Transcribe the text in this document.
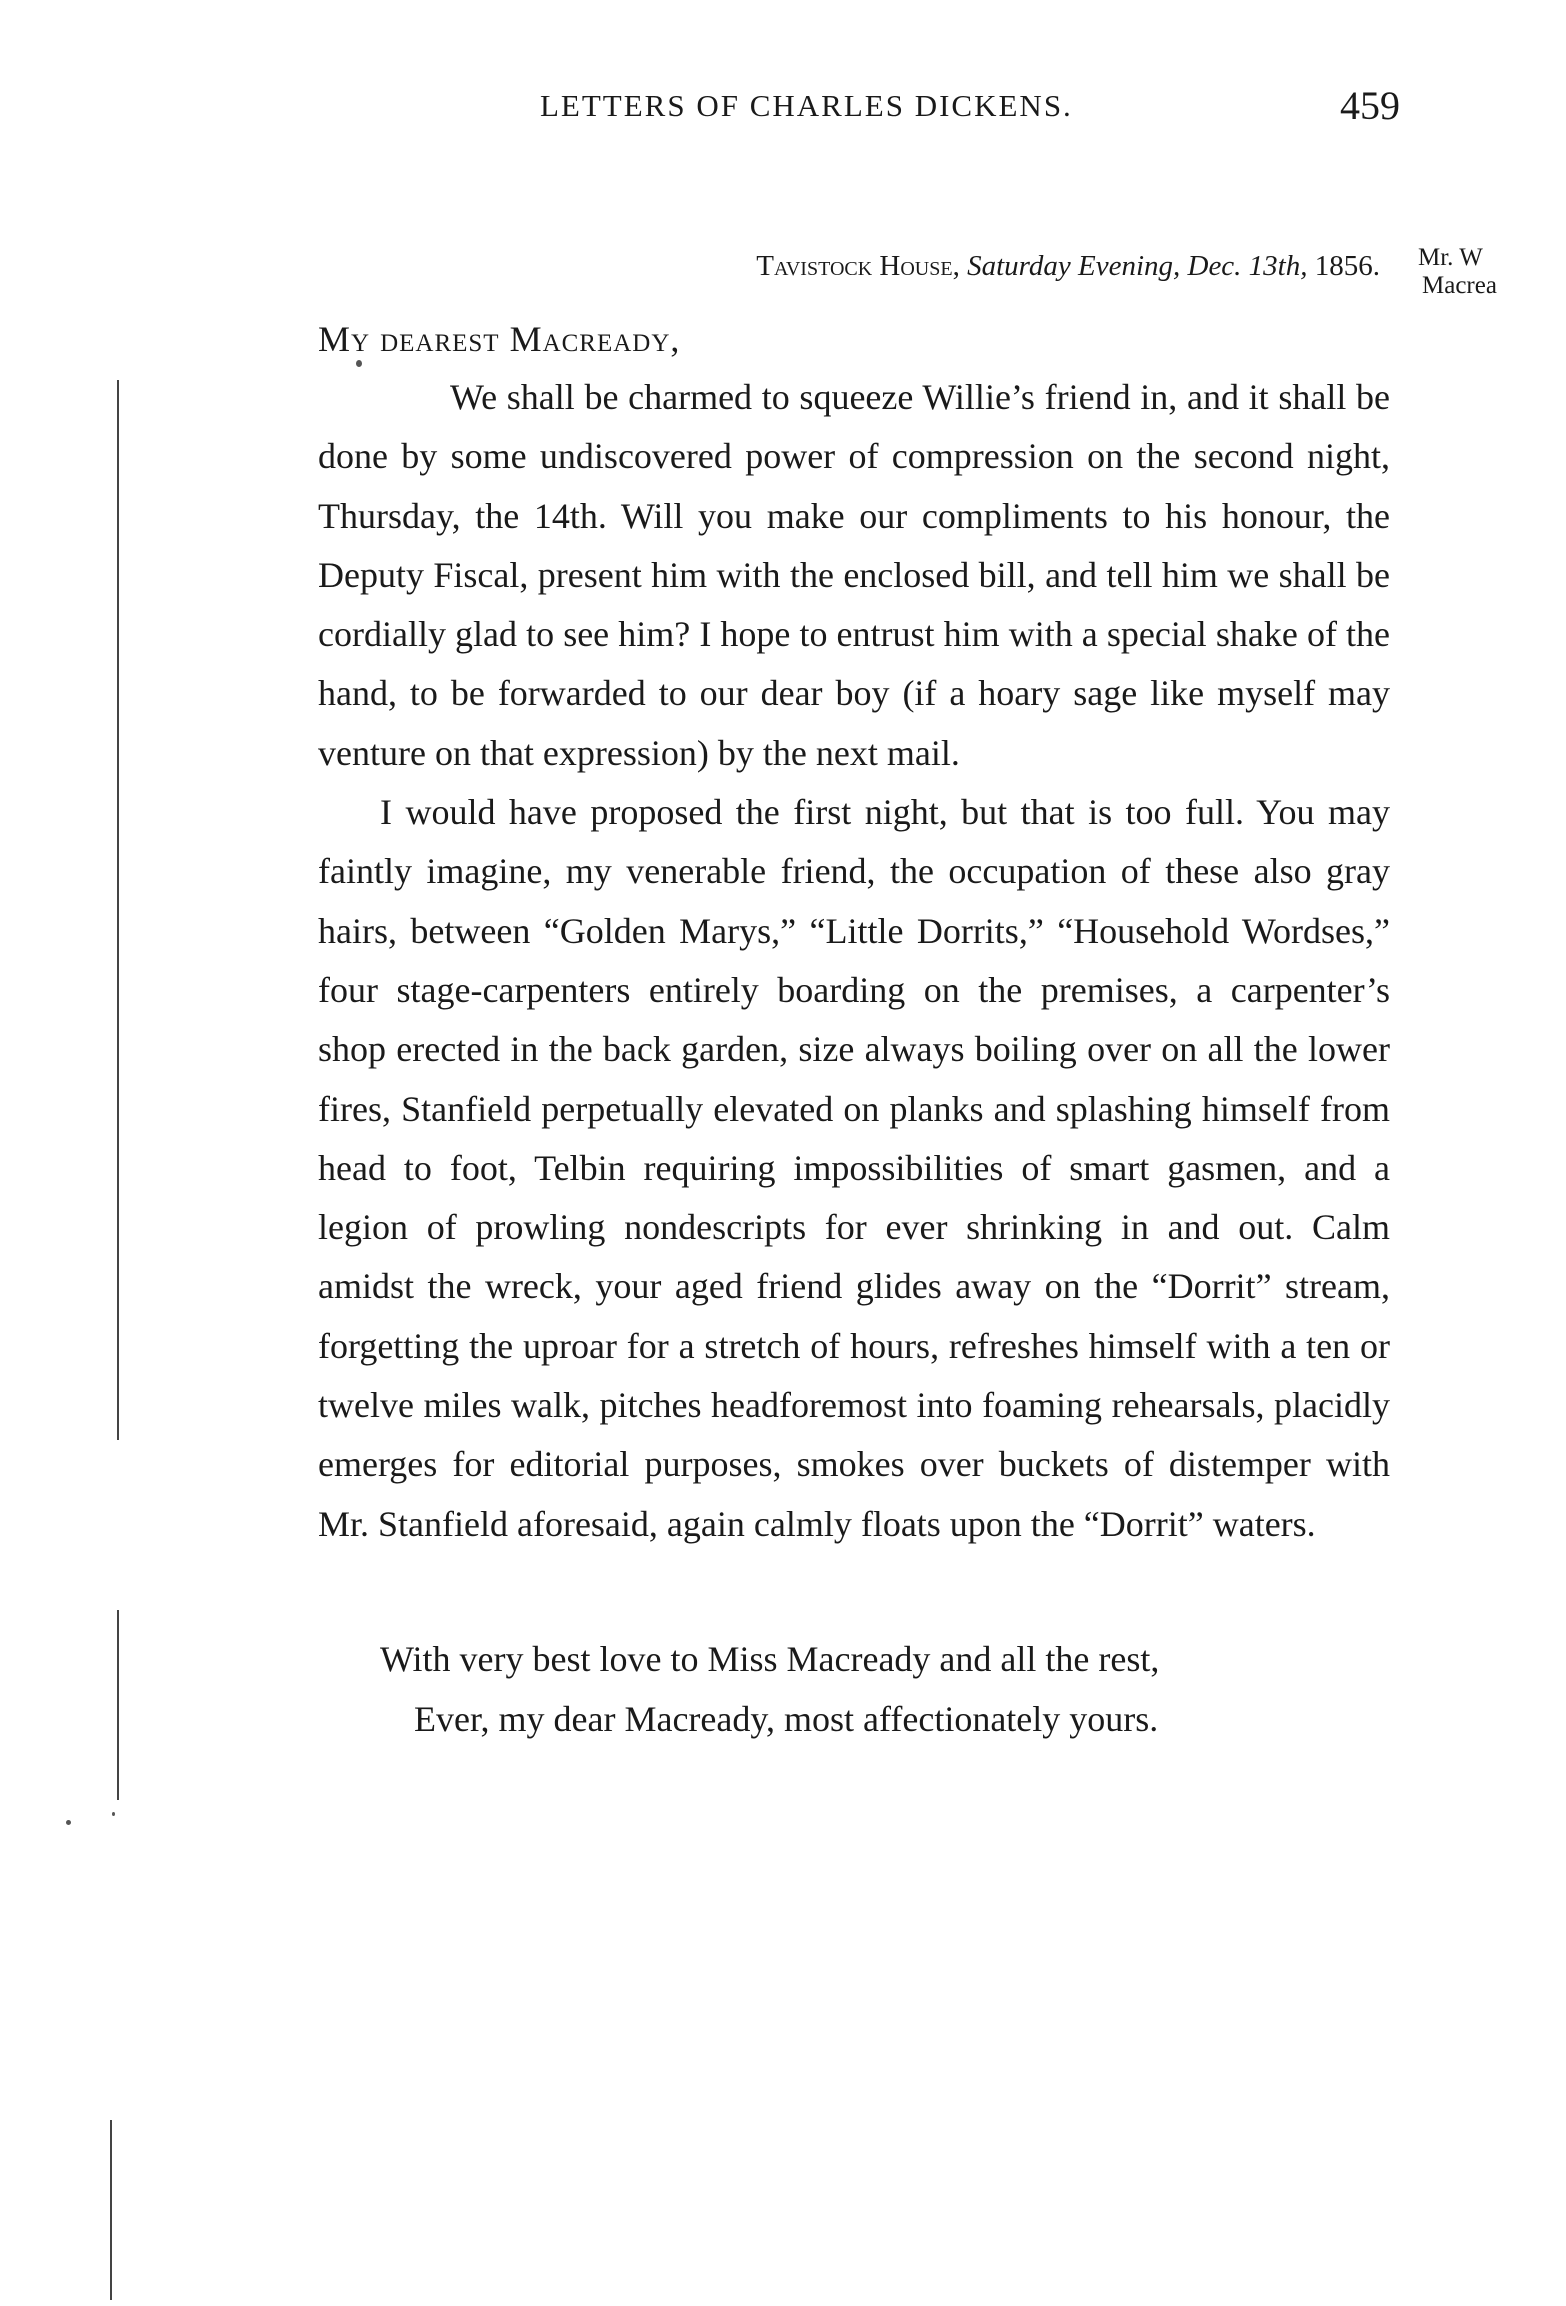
LETTERS OF CHARLES DICKENS.	459
Tavistock House, Saturday Evening, Dec. 13th, 1856. Mr. W
Macrea
My dearest Macready,

We shall be charmed to squeeze Willie’s friend in, and it shall be done by some undiscovered power of compression on the second night, Thursday, the 14th. Will you make our compliments to his honour, the Deputy Fiscal, present him with the enclosed bill, and tell him we shall be cordially glad to see him? I hope to entrust him with a special shake of the hand, to be forwarded to our dear boy (if a hoary sage like myself may venture on that expression) by the next mail.

I would have proposed the first night, but that is too full. You may faintly imagine, my venerable friend, the occupation of these also gray hairs, between “Golden Marys,” “Little Dorrits,” “Household Wordses,” four stage-carpenters entirely boarding on the premises, a carpenter’s shop erected in the back garden, size always boiling over on all the lower fires, Stanfield perpetually elevated on planks and splashing himself from head to foot, Telbin requiring impossibilities of smart gasmen, and a legion of prowling nondescripts for ever shrinking in and out. Calm amidst the wreck, your aged friend glides away on the “Dorrit” stream, forgetting the uproar for a stretch of hours, refreshes himself with a ten or twelve miles walk, pitches headforemost into foaming rehearsals, placidly emerges for editorial purposes, smokes over buckets of distemper with Mr. Stanfield aforesaid, again calmly floats upon the “Dorrit” waters.

With very best love to Miss Macready and all the rest,
Ever, my dear Macready, most affectionately yours.
